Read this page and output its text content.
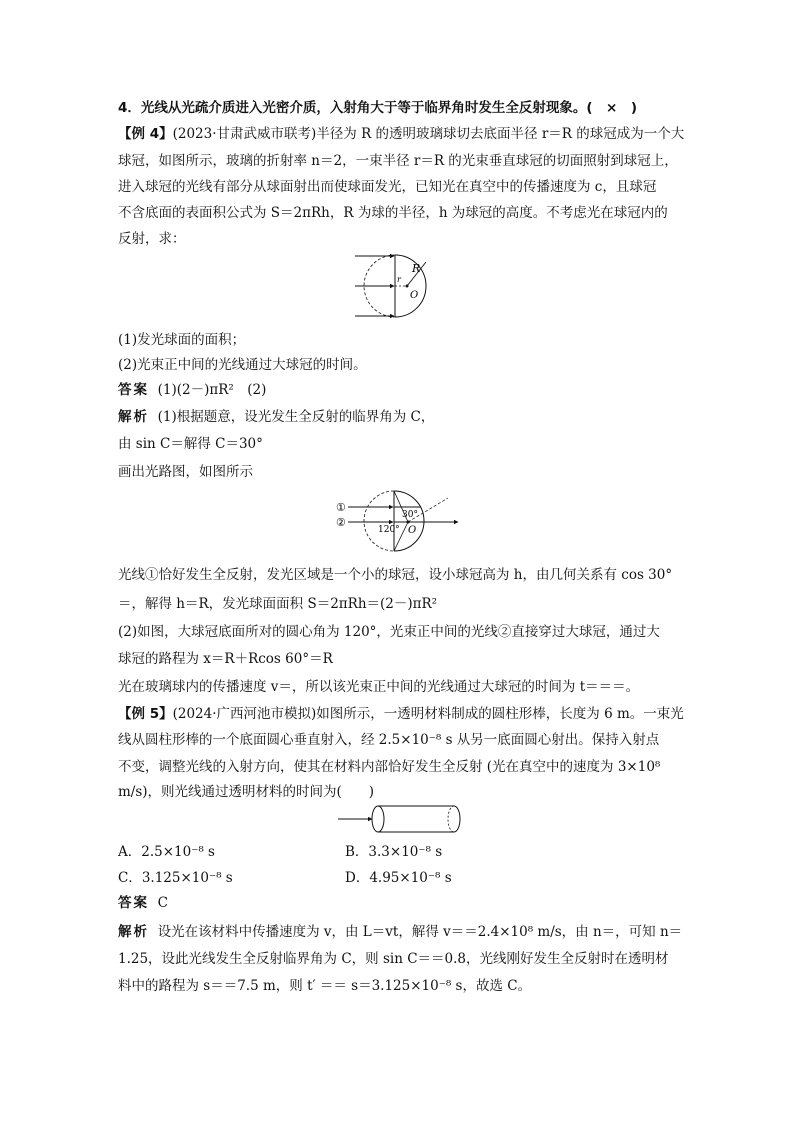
4．光线从光疏介质进入光密介质，入射角大于等于临界角时发生全反射现象。(　×　)
【例 4】(2023·甘肃武威市联考)半径为 R 的透明玻璃球切去底面半径 r＝R 的球冠成为一个大
球冠，如图所示，玻璃的折射率 n＝2，一束半径 r＝R 的光束垂直球冠的切面照射到球冠上，
进入球冠的光线有部分从球面射出而使球面发光，已知光在真空中的传播速度为 c，且球冠
不含底面的表面积公式为 S＝2πRh，R 为球的半径，h 为球冠的高度。不考虑光在球冠内的
反射，求：
R
r
O
(1)发光球面的面积；
(2)光束正中间的光线通过大球冠的时间。
答案 (1)(2－)πR²　(2)
解析 (1)根据题意，设光发生全反射的临界角为 C，
由 sin C＝解得 C＝30°
画出光路图，如图所示
①
②
30°
120° O
光线①恰好发生全反射，发光区域是一个小的球冠，设小球冠高为 h，由几何关系有 cos 30°
＝，解得 h＝R，发光球面面积 S＝2πRh＝(2－)πR²
(2)如图，大球冠底面所对的圆心角为 120°，光束正中间的光线②直接穿过大球冠，通过大
球冠的路程为 x＝R＋Rcos 60°＝R
光在玻璃球内的传播速度 v＝，所以该光束正中间的光线通过大球冠的时间为 t＝＝＝。
【例 5】(2024·广西河池市模拟)如图所示，一透明材料制成的圆柱形棒，长度为 6 m。一束光
线从圆柱形棒的一个底面圆心垂直射入，经 2.5×10⁻⁸ s 从另一底面圆心射出。保持入射点
不变，调整光线的入射方向，使其在材料内部恰好发生全反射 (光在真空中的速度为 3×10⁸
m/s)，则光线通过透明材料的时间为(　　)
A．2.5×10⁻⁸ s	B．3.3×10⁻⁸ s
C．3.125×10⁻⁸ s	D．4.95×10⁻⁸ s
答案 C
解析 设光在该材料中传播速度为 v，由 L＝vt，解得 v＝＝2.4×10⁸ m/s，由 n＝，可知 n＝
1.25，设此光线发生全反射临界角为 C，则 sin C＝＝0.8，光线刚好发生全反射时在透明材
料中的路程为 s＝＝7.5 m，则 t′ ＝＝ s＝3.125×10⁻⁸ s，故选 C。
